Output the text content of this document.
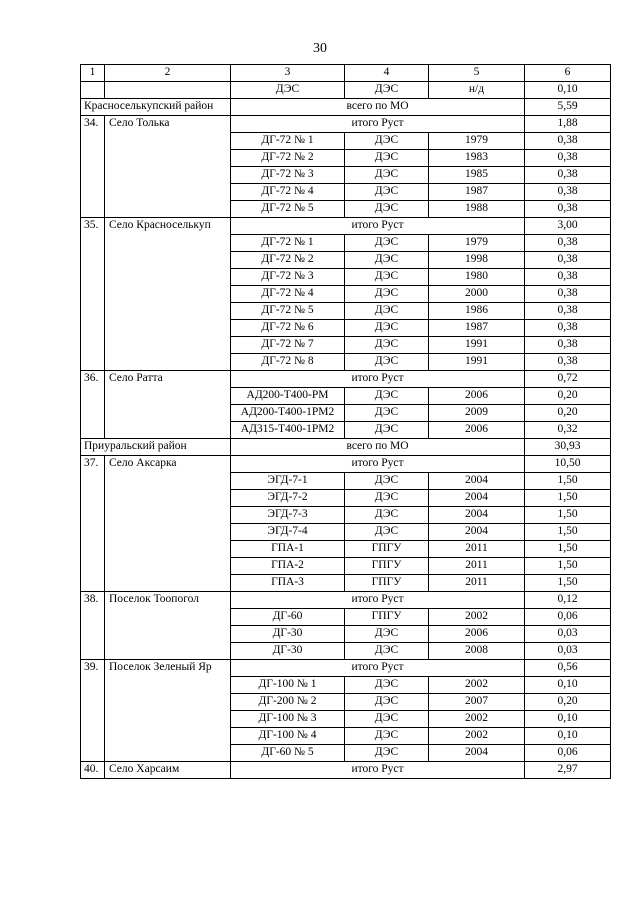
30
1	2	3	4	5	6
		ДЭС	ДЭС	н/д	0,10
Красноселькупский район		всего по МО			5,59
34.	Село Толька	итого Руст			1,88
		ДГ-72 № 1	ДЭС	1979	0,38
		ДГ-72 № 2	ДЭС	1983	0,38
		ДГ-72 № 3	ДЭС	1985	0,38
		ДГ-72 № 4	ДЭС	1987	0,38
		ДГ-72 № 5	ДЭС	1988	0,38
35.	Село Красноселькуп	итого Руст			3,00
		ДГ-72 № 1	ДЭС	1979	0,38
		ДГ-72 № 2	ДЭС	1998	0,38
		ДГ-72 № 3	ДЭС	1980	0,38
		ДГ-72 № 4	ДЭС	2000	0,38
		ДГ-72 № 5	ДЭС	1986	0,38
		ДГ-72 № 6	ДЭС	1987	0,38
		ДГ-72 № 7	ДЭС	1991	0,38
		ДГ-72 № 8	ДЭС	1991	0,38
36.	Село Ратта	итого Руст			0,72
		АД200-Т400-РМ	ДЭС	2006	0,20
		АД200-Т400-1РМ2	ДЭС	2009	0,20
		АД315-Т400-1РМ2	ДЭС	2006	0,32
Приуральский район		всего по МО			30,93
37.	Село Аксарка	итого Руст			10,50
		ЭГД-7-1	ДЭС	2004	1,50
		ЭГД-7-2	ДЭС	2004	1,50
		ЭГД-7-3	ДЭС	2004	1,50
		ЭГД-7-4	ДЭС	2004	1,50
		ГПА-1	ГПГУ	2011	1,50
		ГПА-2	ГПГУ	2011	1,50
		ГПА-3	ГПГУ	2011	1,50
38.	Поселок Тоопогол	итого Руст			0,12
		ДГ-60	ГПГУ	2002	0,06
		ДГ-30	ДЭС	2006	0,03
		ДГ-30	ДЭС	2008	0,03
39.	Поселок Зеленый Яр	итого Руст			0,56
		ДГ-100 № 1	ДЭС	2002	0,10
		ДГ-200 № 2	ДЭС	2007	0,20
		ДГ-100 № 3	ДЭС	2002	0,10
		ДГ-100 № 4	ДЭС	2002	0,10
		ДГ-60 № 5	ДЭС	2004	0,06
40.	Село Харсаим	итого Руст			2,97
